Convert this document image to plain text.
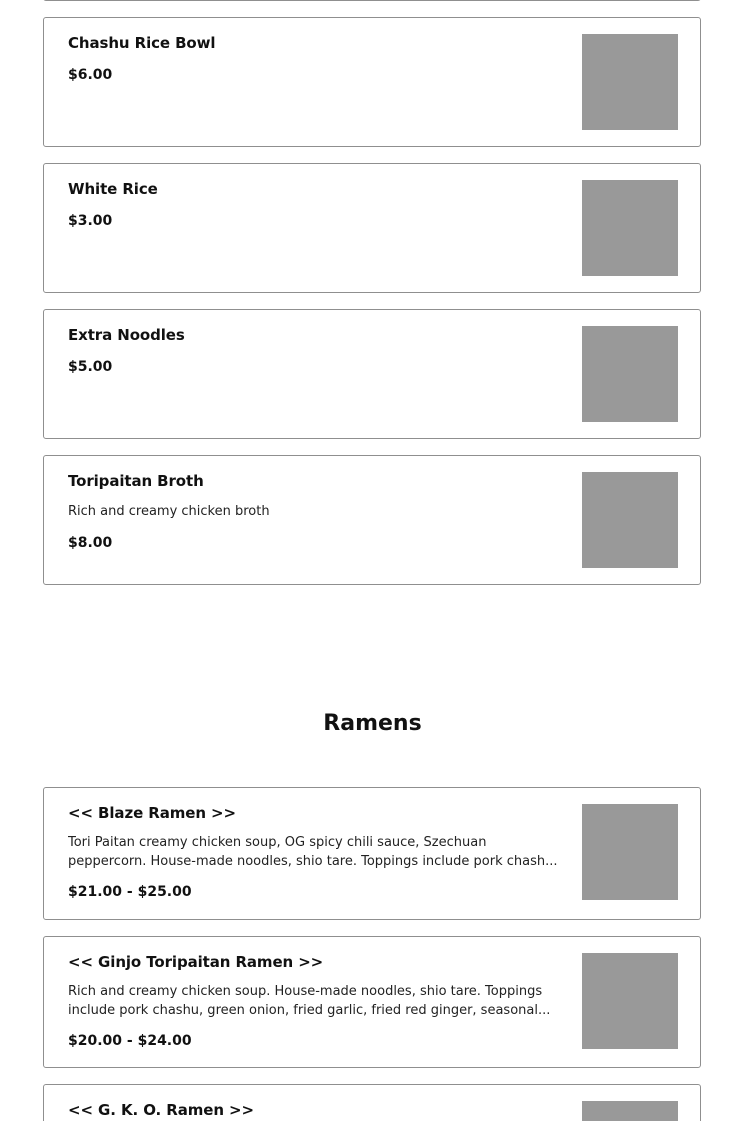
Chashu Rice Bowl
$6.00
White Rice
$3.00
Extra Noodles
$5.00
Toripaitan Broth
Rich and creamy chicken broth
$8.00
Ramens
<< Blaze Ramen >>
Tori Paitan creamy chicken soup, OG spicy chili sauce, Szechuan peppercorn. House-made noodles, shio tare. Toppings include pork chash...
$21.00 - $25.00
<< Ginjo Toripaitan Ramen >>
Rich and creamy chicken soup. House-made noodles, shio tare. Toppings include pork chashu, green onion, fried garlic, fried red ginger, seasonal...
$20.00 - $24.00
<< G. K. O. Ramen >>
